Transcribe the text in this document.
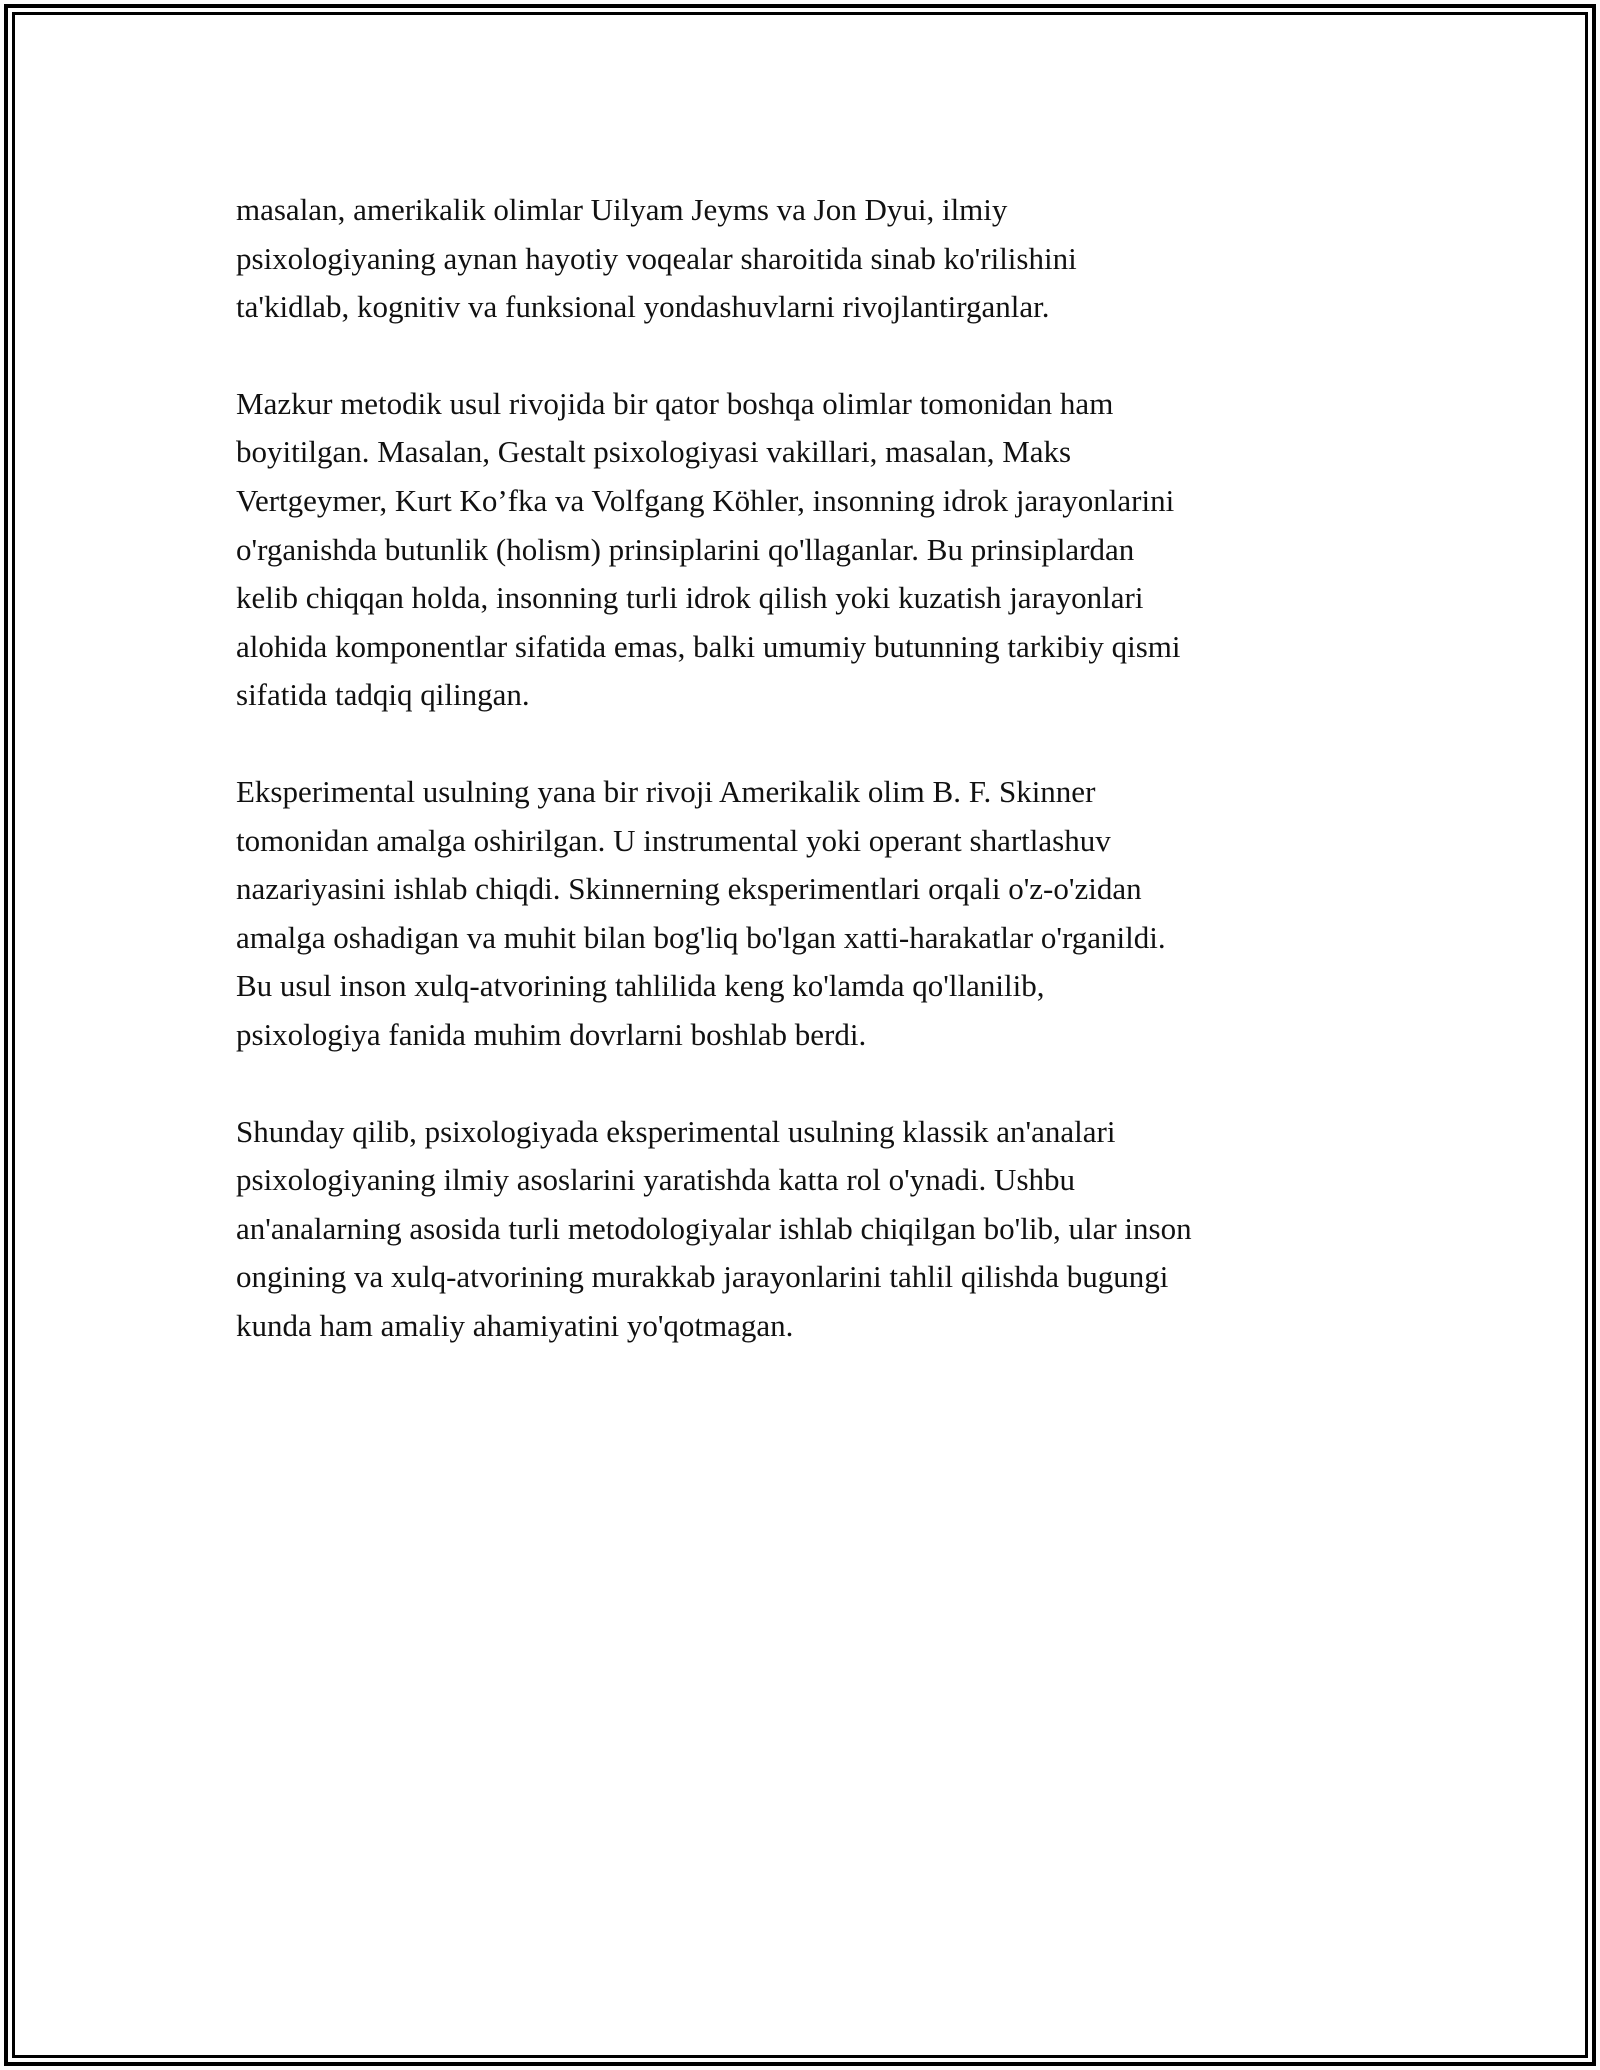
masalan, amerikalik olimlar Uilyam Jeyms va Jon Dyui, ilmiy
psixologiyaning aynan hayotiy voqealar sharoitida sinab ko'rilishini
ta'kidlab, kognitiv va funksional yondashuvlarni rivojlantirganlar.

Mazkur metodik usul rivojida bir qator boshqa olimlar tomonidan ham
boyitilgan. Masalan, Gestalt psixologiyasi vakillari, masalan, Maks
Vertgeymer, Kurt Ko’fka va Volfgang Köhler, insonning idrok jarayonlarini
o'rganishda butunlik (holism) prinsiplarini qo'llaganlar. Bu prinsiplardan
kelib chiqqan holda, insonning turli idrok qilish yoki kuzatish jarayonlari
alohida komponentlar sifatida emas, balki umumiy butunning tarkibiy qismi
sifatida tadqiq qilingan.

Eksperimental usulning yana bir rivoji Amerikalik olim B. F. Skinner
tomonidan amalga oshirilgan. U instrumental yoki operant shartlashuv
nazariyasini ishlab chiqdi. Skinnerning eksperimentlari orqali o'z-o'zidan
amalga oshadigan va muhit bilan bog'liq bo'lgan xatti-harakatlar o'rganildi.
Bu usul inson xulq-atvorining tahlilida keng ko'lamda qo'llanilib,
psixologiya fanida muhim dovrlarni boshlab berdi.

Shunday qilib, psixologiyada eksperimental usulning klassik an'analari
psixologiyaning ilmiy asoslarini yaratishda katta rol o'ynadi. Ushbu
an'analarning asosida turli metodologiyalar ishlab chiqilgan bo'lib, ular inson
ongining va xulq-atvorining murakkab jarayonlarini tahlil qilishda bugungi
kunda ham amaliy ahamiyatini yo'qotmagan.
